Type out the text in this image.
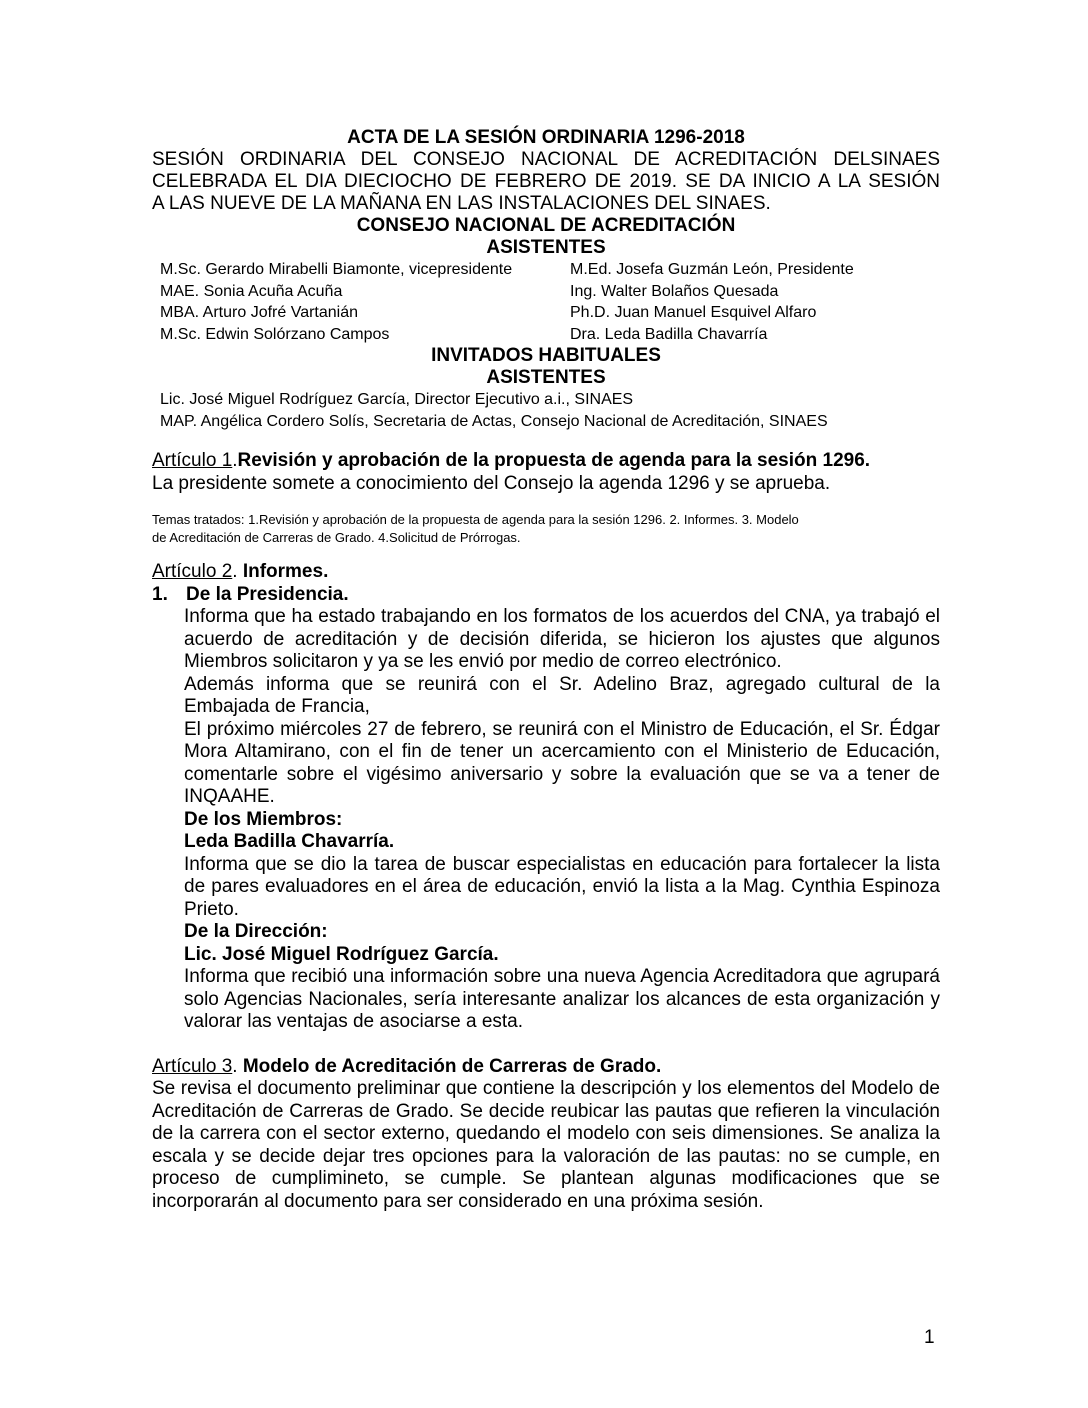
ACTA DE LA SESIÓN ORDINARIA 1296-2018

SESIÓN ORDINARIA DEL CONSEJO NACIONAL DE ACREDITACIÓN DELSINAES
CELEBRADA EL DIA DIECIOCHO DE FEBRERO DE 2019. SE DA INICIO A LA SESIÓN
A LAS NUEVE DE LA MAÑANA EN LAS INSTALACIONES DEL SINAES.

CONSEJO NACIONAL DE ACREDITACIÓN

ASISTENTES

M.Sc. Gerardo Mirabelli Biamonte, vicepresidente	M.Ed. Josefa Guzmán León, Presidente
MAE. Sonia Acuña Acuña	Ing. Walter Bolaños Quesada
MBA. Arturo Jofré Vartanián	Ph.D. Juan Manuel Esquivel Alfaro
M.Sc. Edwin Solórzano Campos	Dra. Leda Badilla Chavarría

INVITADOS HABITUALES

ASISTENTES

Lic. José Miguel Rodríguez García, Director Ejecutivo a.i., SINAES
MAP. Angélica Cordero Solís, Secretaria de Actas, Consejo Nacional de Acreditación, SINAES

Artículo 1.Revisión y aprobación de la propuesta de agenda para la sesión 1296.

La presidente somete a conocimiento del Consejo la agenda 1296 y se aprueba.

Temas tratados: 1.Revisión y aprobación de la propuesta de agenda para la sesión 1296. 2. Informes. 3. Modelo

de Acreditación de Carreras de Grado. 4.Solicitud de Prórrogas.

Artículo 2. Informes.

1. De la Presidencia.

Informa que ha estado trabajando en los formatos de los acuerdos del CNA, ya trabajó el acuerdo de acreditación y de decisión diferida, se hicieron los ajustes que algunos Miembros solicitaron y ya se les envió por medio de correo electrónico.

Además informa que se reunirá con el Sr. Adelino Braz, agregado cultural de la Embajada de Francia,

El próximo miércoles 27 de febrero, se reunirá con el Ministro de Educación, el Sr. Édgar Mora Altamirano, con el fin de tener un acercamiento con el Ministerio de Educación, comentarle sobre el vigésimo aniversario y sobre la evaluación que se va a tener de INQAAHE.

De los Miembros:

Leda Badilla Chavarría.

Informa que se dio la tarea de buscar especialistas en educación para fortalecer la lista de pares evaluadores en el área de educación, envió la lista a la Mag. Cynthia Espinoza Prieto.

De la Dirección:

Lic. José Miguel Rodríguez García.

Informa que recibió una información sobre una nueva Agencia Acreditadora que agrupará solo Agencias Nacionales, sería interesante analizar los alcances de esta organización y valorar las ventajas de asociarse a esta.

Artículo 3. Modelo de Acreditación de Carreras de Grado.

Se revisa el documento preliminar que contiene la descripción y los elementos del Modelo de Acreditación de Carreras de Grado. Se decide reubicar las pautas que refieren la vinculación de la carrera con el sector externo, quedando el modelo con seis dimensiones. Se analiza la escala y se decide dejar tres opciones para la valoración de las pautas: no se cumple, en proceso de cumplimineto, se cumple. Se plantean algunas modificaciones que se incorporarán al documento para ser considerado en una próxima sesión.

1
